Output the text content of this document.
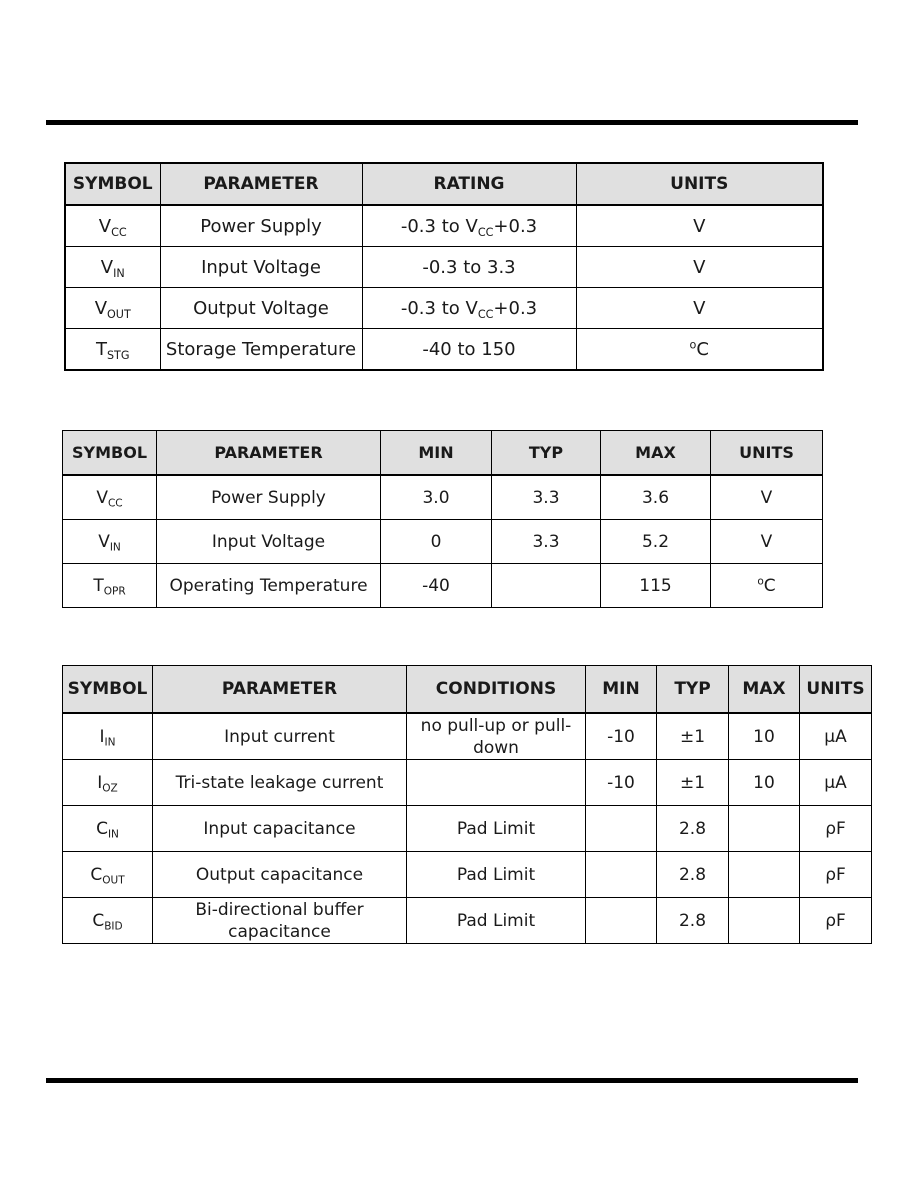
SYMBOL	PARAMETER	RATING	UNITS
$V_{CC}$	Power Supply	-0.3 to $V_{CC}+0.3$	V
$V_{IN}$	Input Voltage	-0.3 to 3.3	V
$V_{OUT}$	Output Voltage	-0.3 to $V_{CC}+0.3$	V
$T_{STG}$	Storage Temperature	-40 to 150	$^o$C
SYMBOL	PARAMETER	MIN	TYP	MAX	UNITS
$V_{CC}$	Power Supply	3.0	3.3	3.6	V
$V_{IN}$	Input Voltage	0	3.3	5.2	V
$T_{OPR}$	Operating Temperature	-40		115	$^o$C
SYMBOL	PARAMETER	CONDITIONS	MIN	TYP	MAX	UNITS
$I_{IN}$	Input current	no pull-up or pull-down	-10	±1	10	µA
$I_{OZ}$	Tri-state leakage current		-10	±1	10	µA
$C_{IN}$	Input capacitance	Pad Limit		2.8		ρF
$C_{OUT}$	Output capacitance	Pad Limit		2.8		ρF
$C_{BID}$	Bi-directional buffer capacitance	Pad Limit		2.8		ρF
